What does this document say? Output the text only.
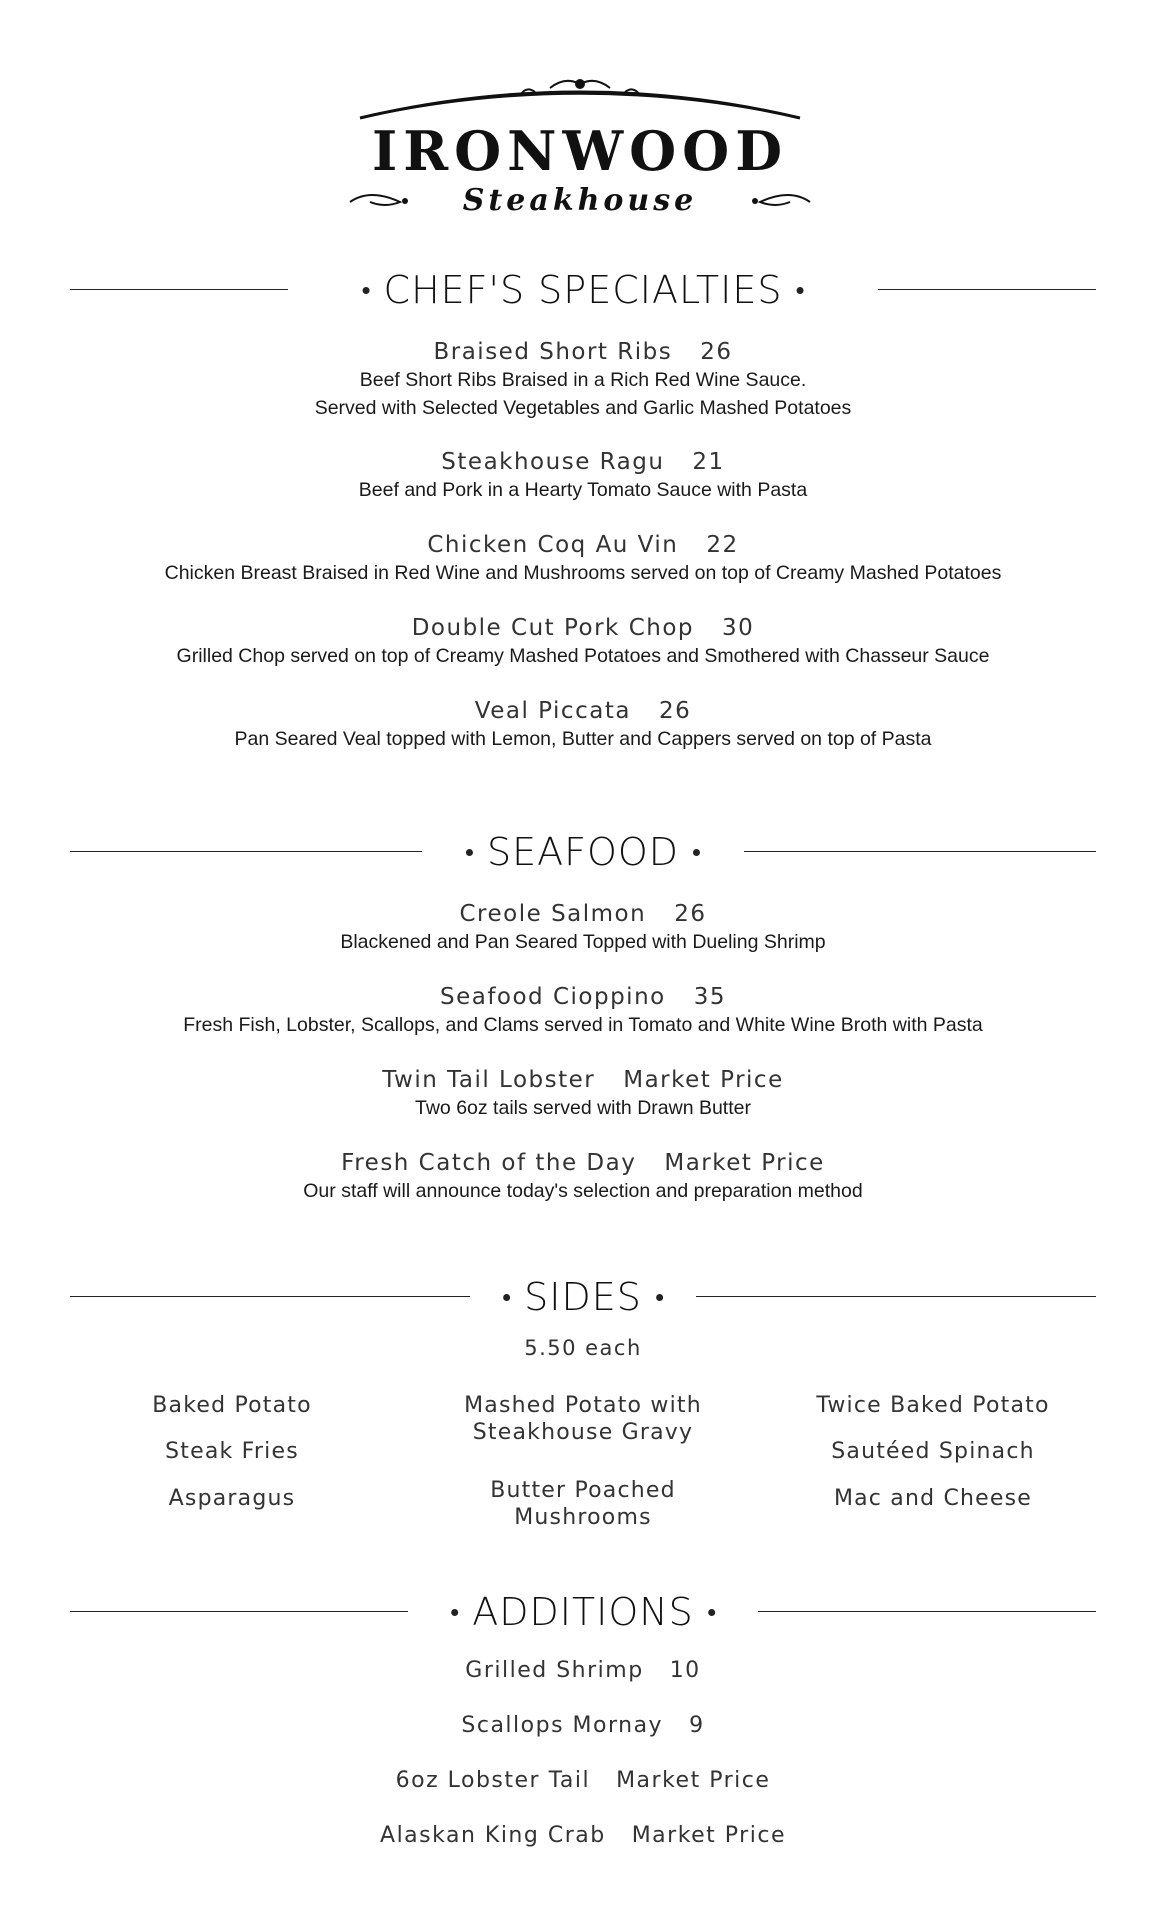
IRONWOOD
Steakhouse
CHEF'S SPECIALTIES
Braised Short Ribs 26
Beef Short Ribs Braised in a Rich Red Wine Sauce.
Served with Selected Vegetables and Garlic Mashed Potatoes
Steakhouse Ragu 21
Beef and Pork in a Hearty Tomato Sauce with Pasta
Chicken Coq Au Vin 22
Chicken Breast Braised in Red Wine and Mushrooms served on top of Creamy Mashed Potatoes
Double Cut Pork Chop 30
Grilled Chop served on top of Creamy Mashed Potatoes and Smothered with Chasseur Sauce
Veal Piccata 26
Pan Seared Veal topped with Lemon, Butter and Cappers served on top of Pasta
SEAFOOD
Creole Salmon 26
Blackened and Pan Seared Topped with Dueling Shrimp
Seafood Cioppino 35
Fresh Fish, Lobster, Scallops, and Clams served in Tomato and White Wine Broth with Pasta
Twin Tail Lobster Market Price
Two 6oz tails served with Drawn Butter
Fresh Catch of the Day Market Price
Our staff will announce today's selection and preparation method
SIDES
5.50 each
Baked Potato
Steak Fries
Asparagus
Mashed Potato with Steakhouse Gravy
Butter Poached Mushrooms
Twice Baked Potato
Sautéed Spinach
Mac and Cheese
ADDITIONS
Grilled Shrimp 10
Scallops Mornay 9
6oz Lobster Tail Market Price
Alaskan King Crab Market Price
